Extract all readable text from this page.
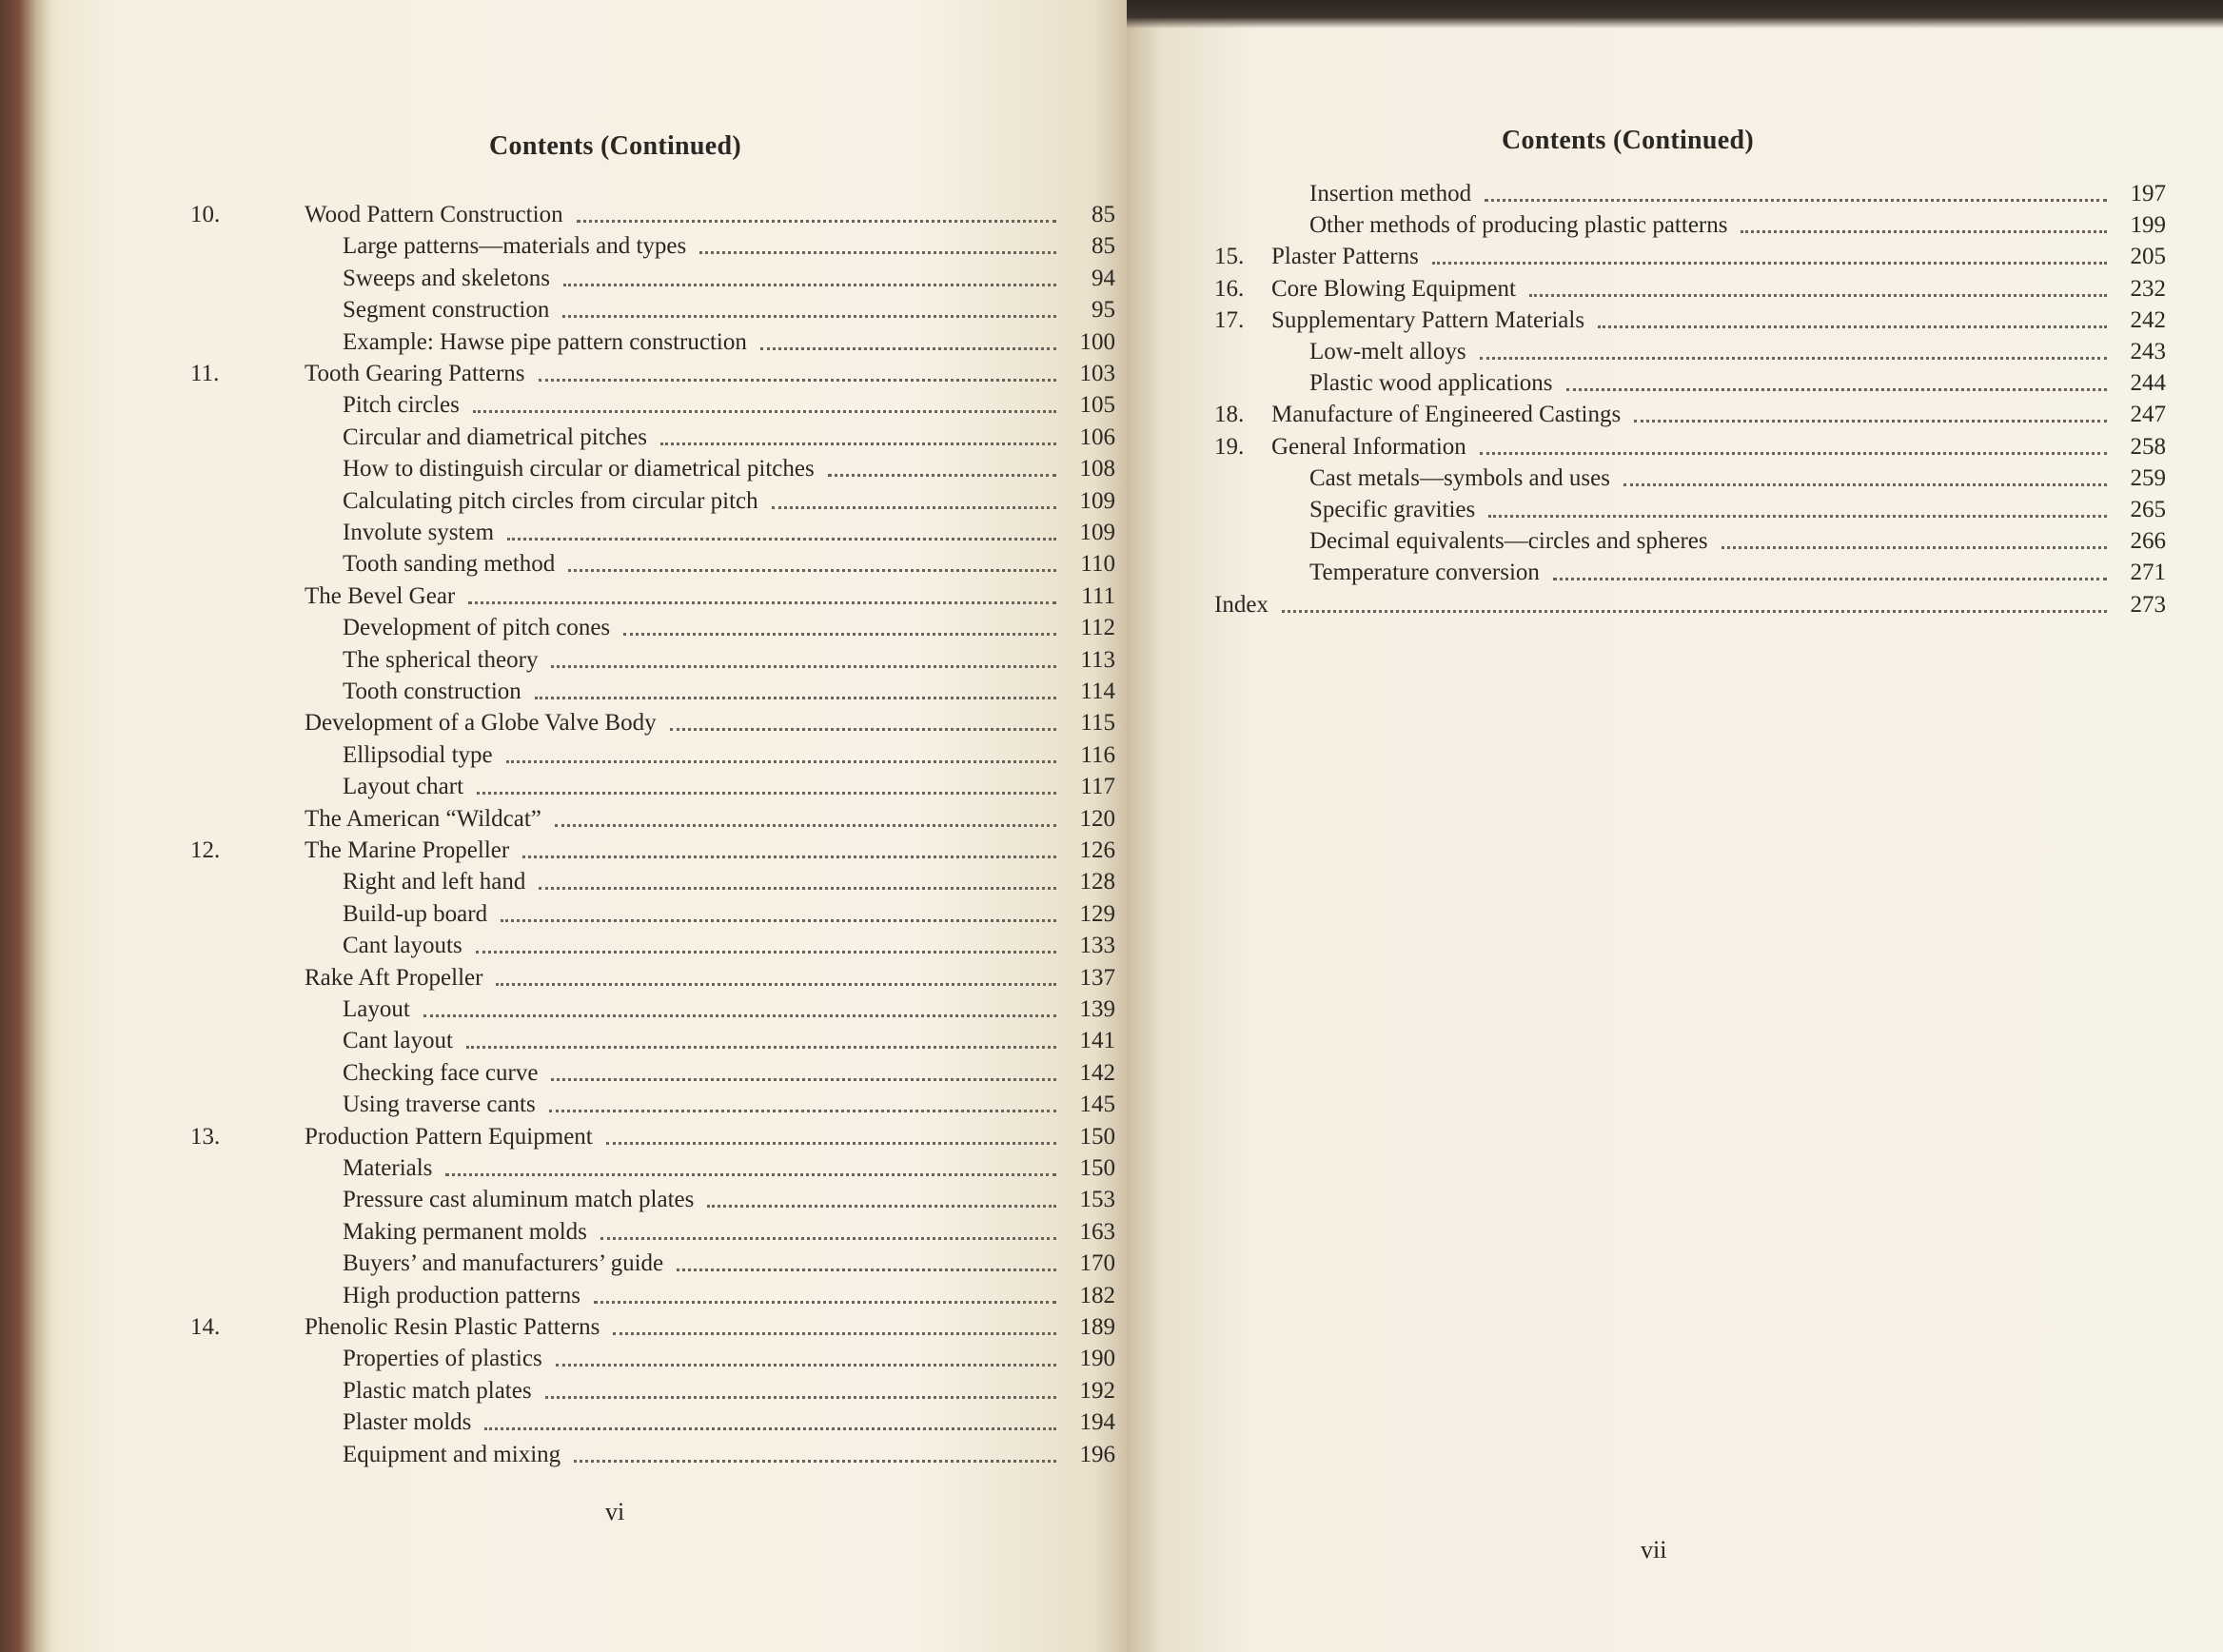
Contents (Continued)
10.	Wood Pattern Construction	85
Large patterns—materials and types	85
Sweeps and skeletons	94
Segment construction	95
Example: Hawse pipe pattern construction	100
11.	Tooth Gearing Patterns	103
Pitch circles	105
Circular and diametrical pitches	106
How to distinguish circular or diametrical pitches	108
Calculating pitch circles from circular pitch	109
Involute system	109
Tooth sanding method	110
The Bevel Gear	111
Development of pitch cones	112
The spherical theory	113
Tooth construction	114
Development of a Globe Valve Body	115
Ellipsodial type	116
Layout chart	117
The American “Wildcat”	120
12.	The Marine Propeller	126
Right and left hand	128
Build-up board	129
Cant layouts	133
Rake Aft Propeller	137
Layout	139
Cant layout	141
Checking face curve	142
Using traverse cants	145
13.	Production Pattern Equipment	150
Materials	150
Pressure cast aluminum match plates	153
Making permanent molds	163
Buyers’ and manufacturers’ guide	170
High production patterns	182
14.	Phenolic Resin Plastic Patterns	189
Properties of plastics	190
Plastic match plates	192
Plaster molds	194
Equipment and mixing	196
vi
Contents (Continued)
Insertion method	197
Other methods of producing plastic patterns	199
15. Plaster Patterns	205
16. Core Blowing Equipment	232
17. Supplementary Pattern Materials	242
Low-melt alloys	243
Plastic wood applications	244
18. Manufacture of Engineered Castings	247
19. General Information	258
Cast metals—symbols and uses	259
Specific gravities	265
Decimal equivalents—circles and spheres	266
Temperature conversion	271
Index	273
vii
